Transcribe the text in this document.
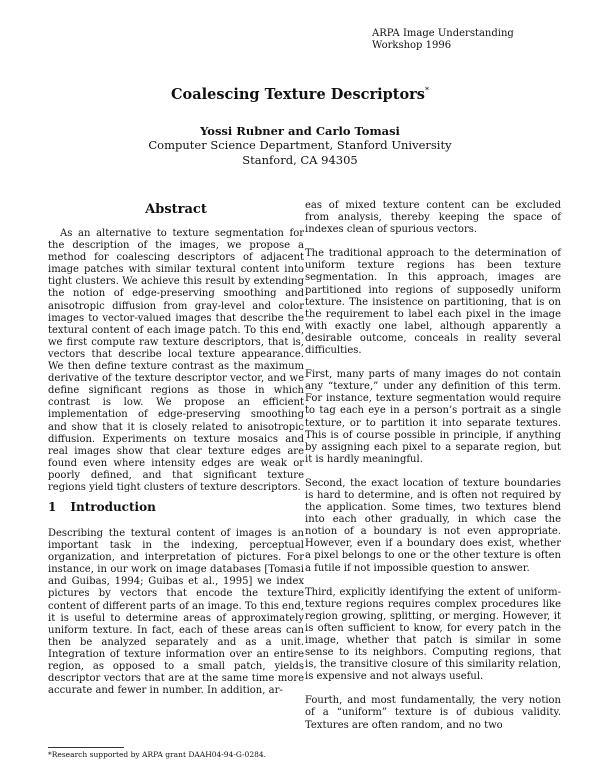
ARPA Image Understanding
Workshop 1996
Coalescing Texture Descriptors*
Yossi Rubner and Carlo Tomasi
Computer Science Department, Stanford University
Stanford, CA 94305
Abstract

As an alternative to texture segmentation for the description of the images, we propose a method for coalescing descriptors of adjacent image patches with similar textural content into tight clusters. We achieve this result by extending the notion of edge-preserving smoothing and anisotropic diffusion from gray-level and color images to vector-valued images that describe the textural content of each image patch. To this end, we first compute raw texture descriptors, that is, vectors that describe local texture appearance. We then define texture contrast as the maximum derivative of the texture descriptor vector, and we define significant regions as those in which contrast is low. We propose an efficient implementation of edge-preserving smoothing and show that it is closely related to anisotropic diffusion. Experiments on texture mosaics and real images show that clear texture edges are found even where intensity edges are weak or poorly defined, and that significant texture regions yield tight clusters of texture descriptors.

1 Introduction

Describing the textural content of images is an important task in the indexing, perceptual organization, and interpretation of pictures. For instance, in our work on image databases [Tomasi and Guibas, 1994; Guibas et al., 1995] we index pictures by vectors that encode the texture content of different parts of an image. To this end, it is useful to determine areas of approximately uniform texture. In fact, each of these areas can then be analyzed separately and as a unit. Integration of texture information over an entire region, as opposed to a small patch, yields descriptor vectors that are at the same time more accurate and fewer in number. In addition, ar-

eas of mixed texture content can be excluded from analysis, thereby keeping the space of indexes clean of spurious vectors.

The traditional approach to the determination of uniform texture regions has been texture segmentation. In this approach, images are partitioned into regions of supposedly uniform texture. The insistence on partitioning, that is on the requirement to label each pixel in the image with exactly one label, although apparently a desirable outcome, conceals in reality several difficulties.

First, many parts of many images do not contain any “texture,” under any definition of this term. For instance, texture segmentation would require to tag each eye in a person’s portrait as a single texture, or to partition it into separate textures. This is of course possible in principle, if anything by assigning each pixel to a separate region, but it is hardly meaningful.

Second, the exact location of texture boundaries is hard to determine, and is often not required by the application. Some times, two textures blend into each other gradually, in which case the notion of a boundary is not even appropriate. However, even if a boundary does exist, whether a pixel belongs to one or the other texture is often a futile if not impossible question to answer.

Third, explicitly identifying the extent of uniform-texture regions requires complex procedures like region growing, splitting, or merging. However, it is often sufficient to know, for every patch in the image, whether that patch is similar in some sense to its neighbors. Computing regions, that is, the transitive closure of this similarity relation, is expensive and not always useful.

Fourth, and most fundamentally, the very notion of a “uniform” texture is of dubious validity. Textures are often random, and no two

*Research supported by ARPA grant DAAH04-94-G-0284.
